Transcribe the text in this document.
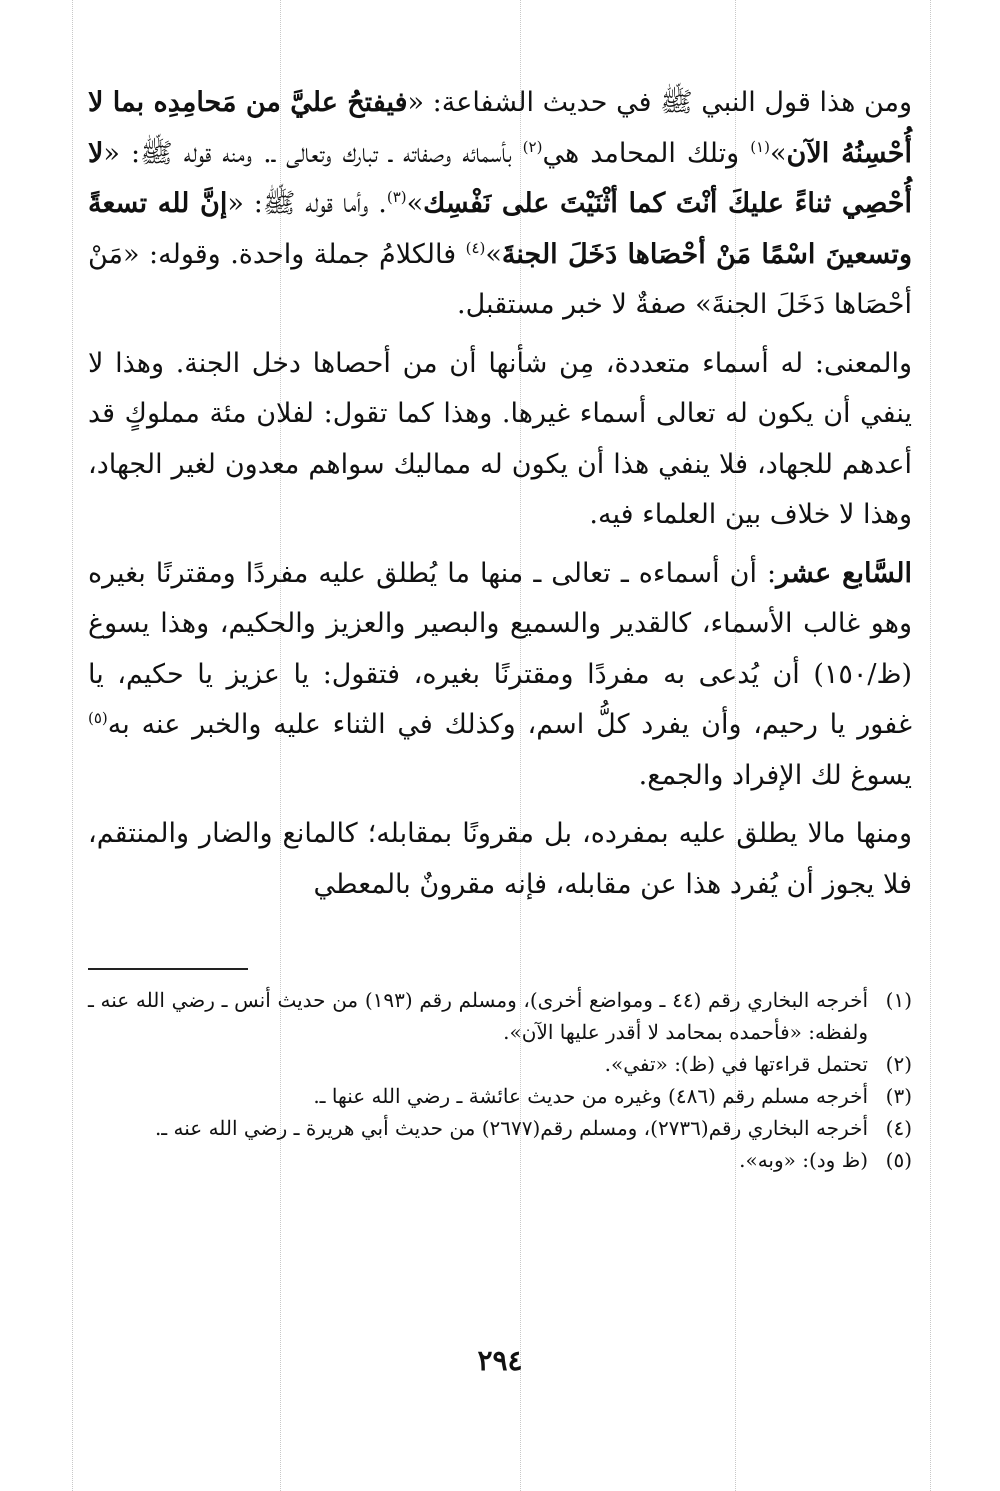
ومن هذا قول النبي ﷺ في حديث الشفاعة: «فيفتحُ عليَّ من مَحامِدِه بما لا أُحْسِنُهُ الآن»$^{(١)}$ وتلك المحامد هي$^{(٢)}$ بأسمائه وصفاته ـ تبارك وتعالى ـ. ومنه قوله ﷺ: «لا أُحْصِي ثناءً عليكَ أنْتَ كما أثْنَيْتَ على نَفْسِك»$^{(٣)}$. وأما قوله ﷺ: «إنَّ لله تسعةً وتسعينَ اسْمًا مَنْ أحْصَاها دَخَلَ الجنةَ»$^{(٤)}$ فالكلامُ جملة واحدة. وقوله: «مَنْ أحْصَاها دَخَلَ الجنةَ» صفةٌ لا خبر مستقبل.

والمعنى: له أسماء متعددة، مِن شأنها أن من أحصاها دخل الجنة. وهذا لا ينفي أن يكون له تعالى أسماء غيرها. وهذا كما تقول: لفلان مئة مملوكٍ قد أعدهم للجهاد، فلا ينفي هذا أن يكون له مماليك سواهم معدون لغير الجهاد، وهذا لا خلاف بين العلماء فيه.

السَّابع عشر: أن أسماءه ـ تعالى ـ منها ما يُطلق عليه مفردًا ومقترنًا بغيره وهو غالب الأسماء، كالقدير والسميع والبصير والعزيز والحكيم، وهذا يسوغ (ظ/١٥٠) أن يُدعى به مفردًا ومقترنًا بغيره، فتقول: يا عزيز يا حكيم، يا غفور يا رحيم، وأن يفرد كلُّ اسم، وكذلك في الثناء عليه والخبر عنه به$^{(٥)}$ يسوغ لك الإفراد والجمع.

ومنها مالا يطلق عليه بمفرده، بل مقرونًا بمقابله؛ كالمانع والضار والمنتقم، فلا يجوز أن يُفرد هذا عن مقابله، فإنه مقرونٌ بالمعطي

(١)
أخرجه البخاري رقم (٤٤ ـ ومواضع أخرى)، ومسلم رقم (١٩٣) من حديث أنس ـ رضي الله عنه ـ ولفظه: «فأحمده بمحامد لا أقدر عليها الآن».
(٢)
تحتمل قراءتها في (ظ): «تفي».
(٣)
أخرجه مسلم رقم (٤٨٦) وغيره من حديث عائشة ـ رضي الله عنها ـ.
(٤)
أخرجه البخاري رقم(٢٧٣٦)، ومسلم رقم(٢٦٧٧) من حديث أبي هريرة ـ رضي الله عنه ـ.
(٥)
(ظ ود): «وبه».
٢٩٤
